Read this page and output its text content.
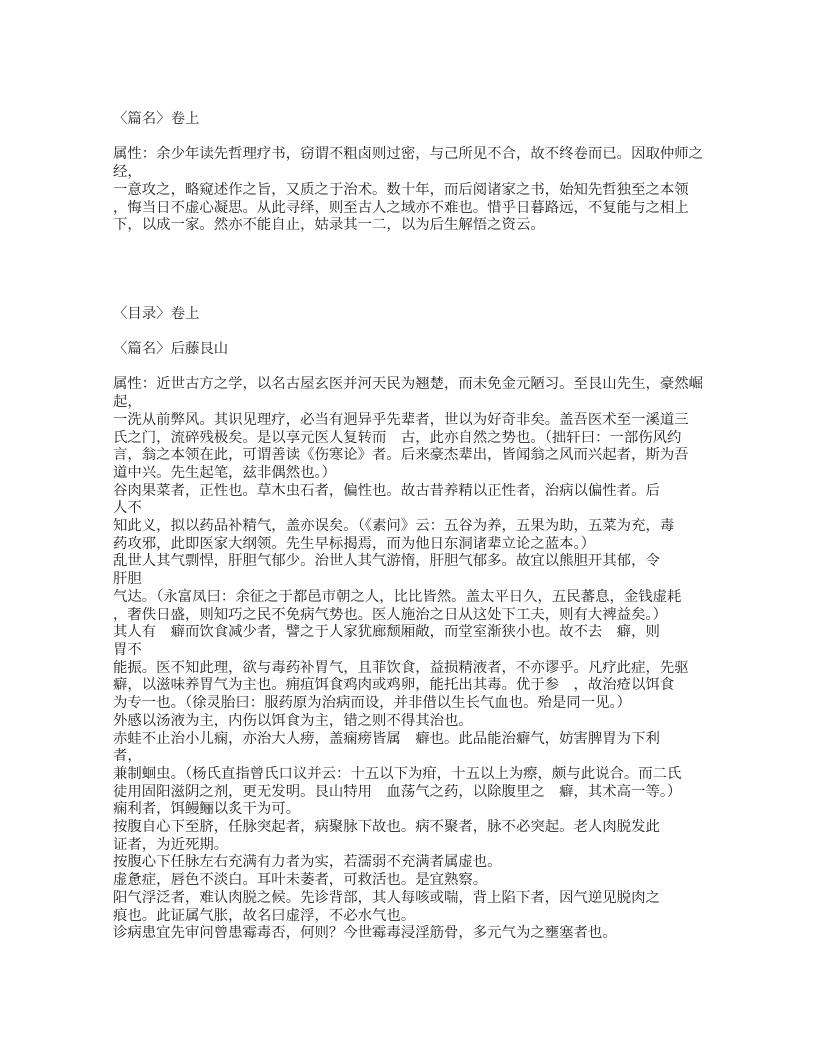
〈篇名〉卷上
属性：余少年读先哲理疗书，窃谓不粗卤则过密，与己所见不合，故不终卷而已。因取仲师之
经，
一意攻之，略窥述作之旨，又质之于治术。数十年，而后阅诸家之书，始知先哲独至之本领
，悔当日不虚心凝思。从此寻绎，则至古人之域亦不难也。惜乎日暮路远，不复能与之相上
下，以成一家。然亦不能自止，姑录其一二，以为后生解悟之资云。
〈目录〉卷上
〈篇名〉后藤艮山
属性：近世古方之学，以名古屋玄医并河天民为翘楚，而未免金元陋习。至艮山先生，豪然崛
起，
一洗从前弊风。其识见理疗，必当有迥异乎先辈者，世以为好奇非矣。盖吾医术至一溪道三
氏之门，流碎残极矣。是以享元医人复转而　古，此亦自然之势也。（拙轩曰：一部伤风约
言，翁之本领在此，可谓善读《伤寒论》者。后来豪杰辈出，皆闻翁之风而兴起者，斯为吾
道中兴。先生起笔，兹非偶然也。）
谷肉果菜者，正性也。草木虫石者，偏性也。故古昔养精以正性者，治病以偏性者。后
人不
知此义，拟以药品补精气，盖亦误矣。（《素问》云：五谷为养，五果为助，五菜为充，毒
药攻邪，此即医家大纲领。先生早标揭焉，而为他日东洞诸辈立论之蓝本。）
乱世人其气剽悍，肝胆气郁少。治世人其气游惰，肝胆气郁多。故宜以熊胆开其郁，令
肝胆
气达。（永富凤曰：余征之于都邑市朝之人，比比皆然。盖太平日久，五民蕃息，金钱虚耗
，奢佚日盛，则知巧之民不免病气势也。医人施治之日从这处下工夫，则有大裨益矣。）
其人有　癖而饮食减少者，譬之于人家犹廊颓厢敞，而堂室渐狭小也。故不去　癖，则
胃不
能振。医不知此理，欲与毒药补胃气，且菲饮食，益损精液者，不亦谬乎。凡疗此症，先驱
癖，以滋味养胃气为主也。痈疽饵食鸡肉或鸡卵，能托出其毒。优于参　，故治疮以饵食
为专一也。（徐灵胎曰：服药原为治病而设，并非借以生长气血也。殆是同一见。）
外感以汤液为主，内伤以饵食为主，错之则不得其治也。
赤蛙不止治小儿痫，亦治大人痨，盖痫痨皆属　癖也。此品能治癖气，妨害脾胃为下利
者，
兼制蛔虫。（杨氏直指曾氏口议并云：十五以下为疳，十五以上为瘵，颇与此说合。而二氏
徒用固阳滋阴之剂，更无发明。艮山特用　血荡气之药，以除腹里之　癖，其术高一等。）
痫利者，饵鳗鲡以炙干为可。
按腹自心下至脐，任脉突起者，病聚脉下故也。病不聚者，脉不必突起。老人肉脱发此
证者，为近死期。
按腹心下任脉左右充满有力者为实，若濡弱不充满者属虚也。
虚惫症，唇色不淡白。耳叶未萎者，可救活也。是宜熟察。
阳气浮泛者，难认肉脱之候。先诊背部，其人每咳或喘，背上陷下者，因气逆见脱肉之
痕也。此证属气胀，故名曰虚浮，不必水气也。
诊病患宜先审问曾患霉毒否，何则？今世霉毒浸淫筋骨，多元气为之壅塞者也。
